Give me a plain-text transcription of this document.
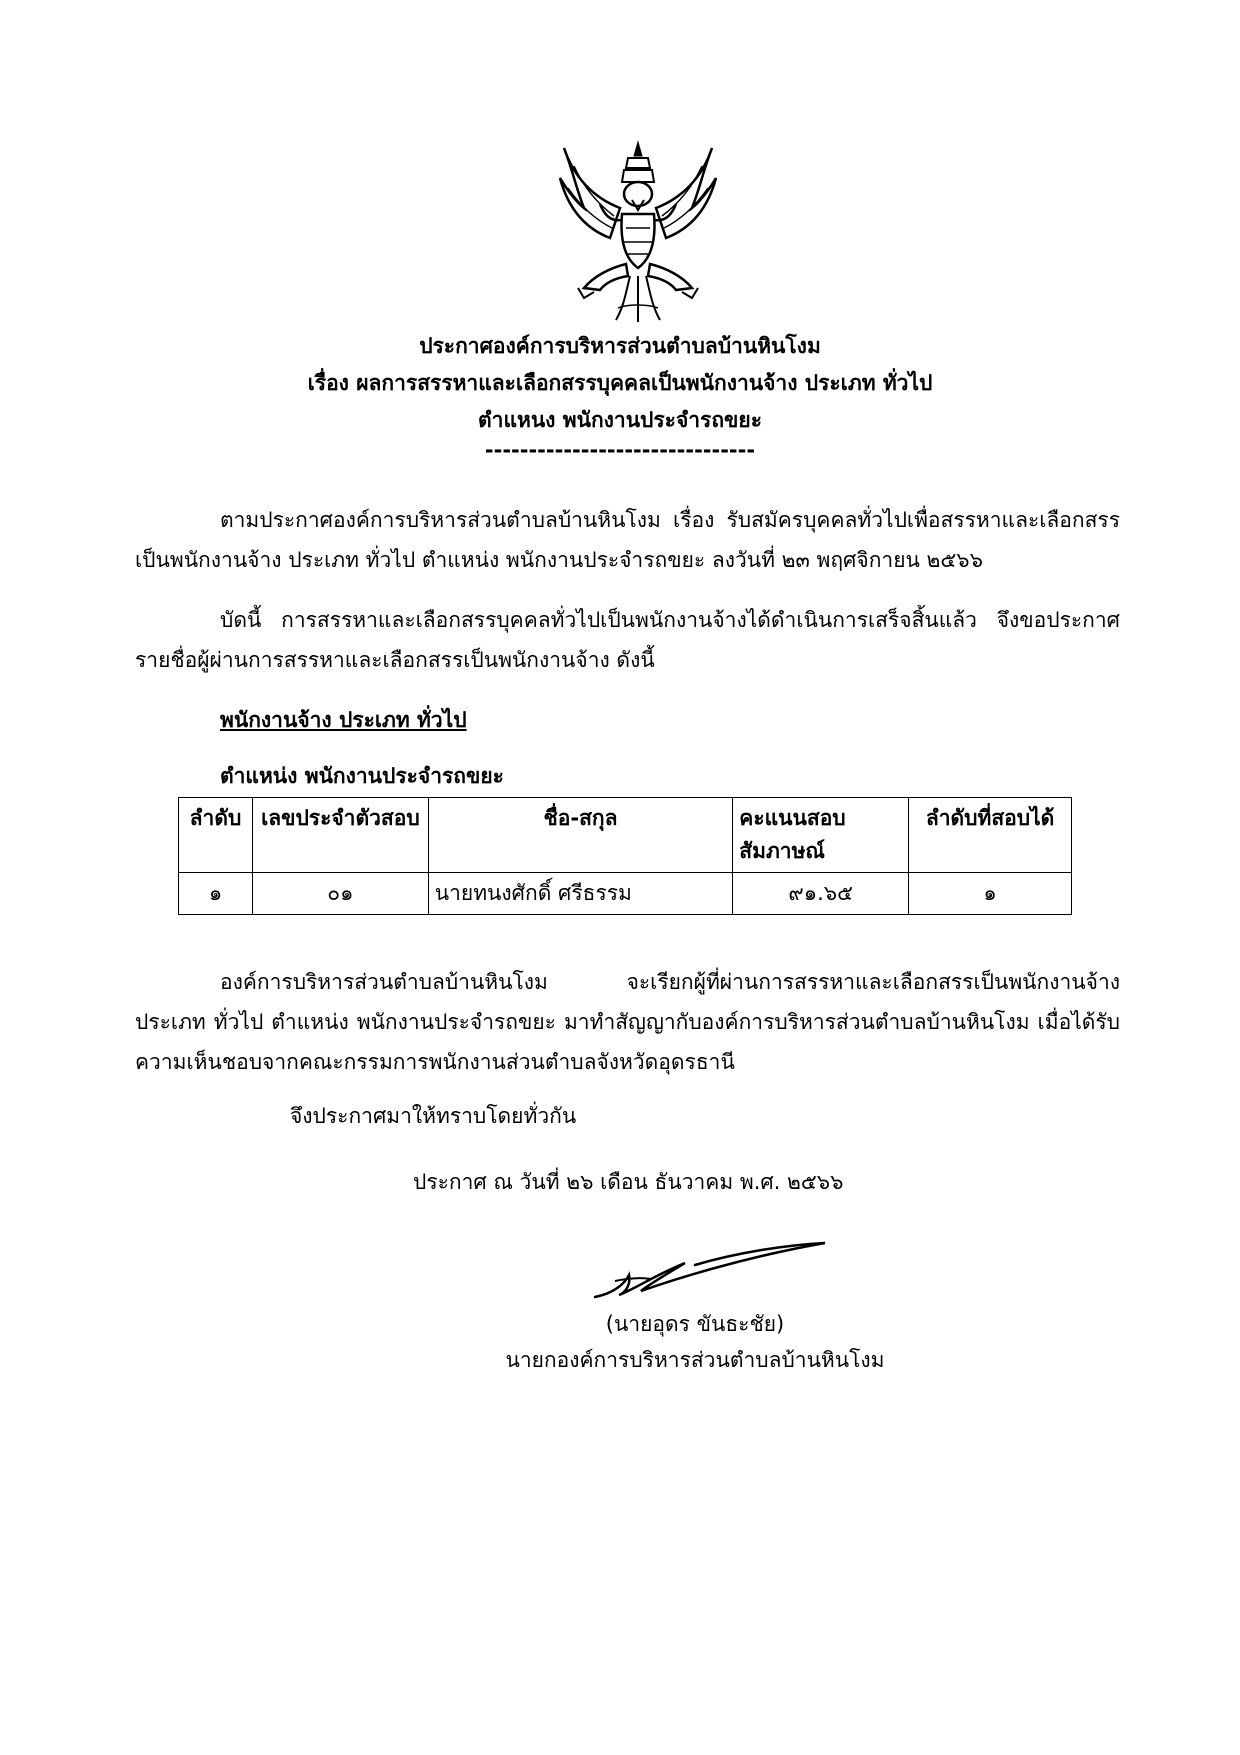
ประกาศองค์การบริหารส่วนตำบลบ้านหินโงม
เรื่อง ผลการสรรหาและเลือกสรรบุคคลเป็นพนักงานจ้าง ประเภท ทั่วไป
ตำแหนง พนักงานประจำรถขยะ
-------------------------------
ตามประกาศองค์การบริหารส่วนตำบลบ้านหินโงม เรื่อง รับสมัครบุคคลทั่วไปเพื่อสรรหาและเลือกสรรเป็นพนักงานจ้าง ประเภท ทั่วไป ตำแหน่ง พนักงานประจำรถขยะ ลงวันที่ ๒๓ พฤศจิกายน ๒๕๖๖
บัดนี้ การสรรหาและเลือกสรรบุคคลทั่วไปเป็นพนักงานจ้างได้ดำเนินการเสร็จสิ้นแล้ว จึงขอประกาศรายชื่อผู้ผ่านการสรรหาและเลือกสรรเป็นพนักงานจ้าง ดังนี้
พนักงานจ้าง ประเภท ทั่วไป
ตำแหน่ง พนักงานประจำรถขยะ
ลำดับ	เลขประจำตัวสอบ	ชื่อ-สกุล	คะแนนสอบสัมภาษณ์	ลำดับที่สอบได้
๑	๐๑	นายทนงศักดิ์ ศรีธรรม	๙๑.๖๕	๑
องค์การบริหารส่วนตำบลบ้านหินโงม จะเรียกผู้ที่ผ่านการสรรหาและเลือกสรรเป็นพนักงานจ้าง ประเภท ทั่วไป ตำแหน่ง พนักงานประจำรถขยะ มาทำสัญญากับองค์การบริหารส่วนตำบลบ้านหินโงม เมื่อได้รับความเห็นชอบจากคณะกรรมการพนักงานส่วนตำบลจังหวัดอุดรธานี
จึงประกาศมาให้ทราบโดยทั่วกัน
ประกาศ ณ วันที่ ๒๖ เดือน ธันวาคม พ.ศ. ๒๕๖๖
(นายอุดร ขันธะชัย)
นายกองค์การบริหารส่วนตำบลบ้านหินโงม
